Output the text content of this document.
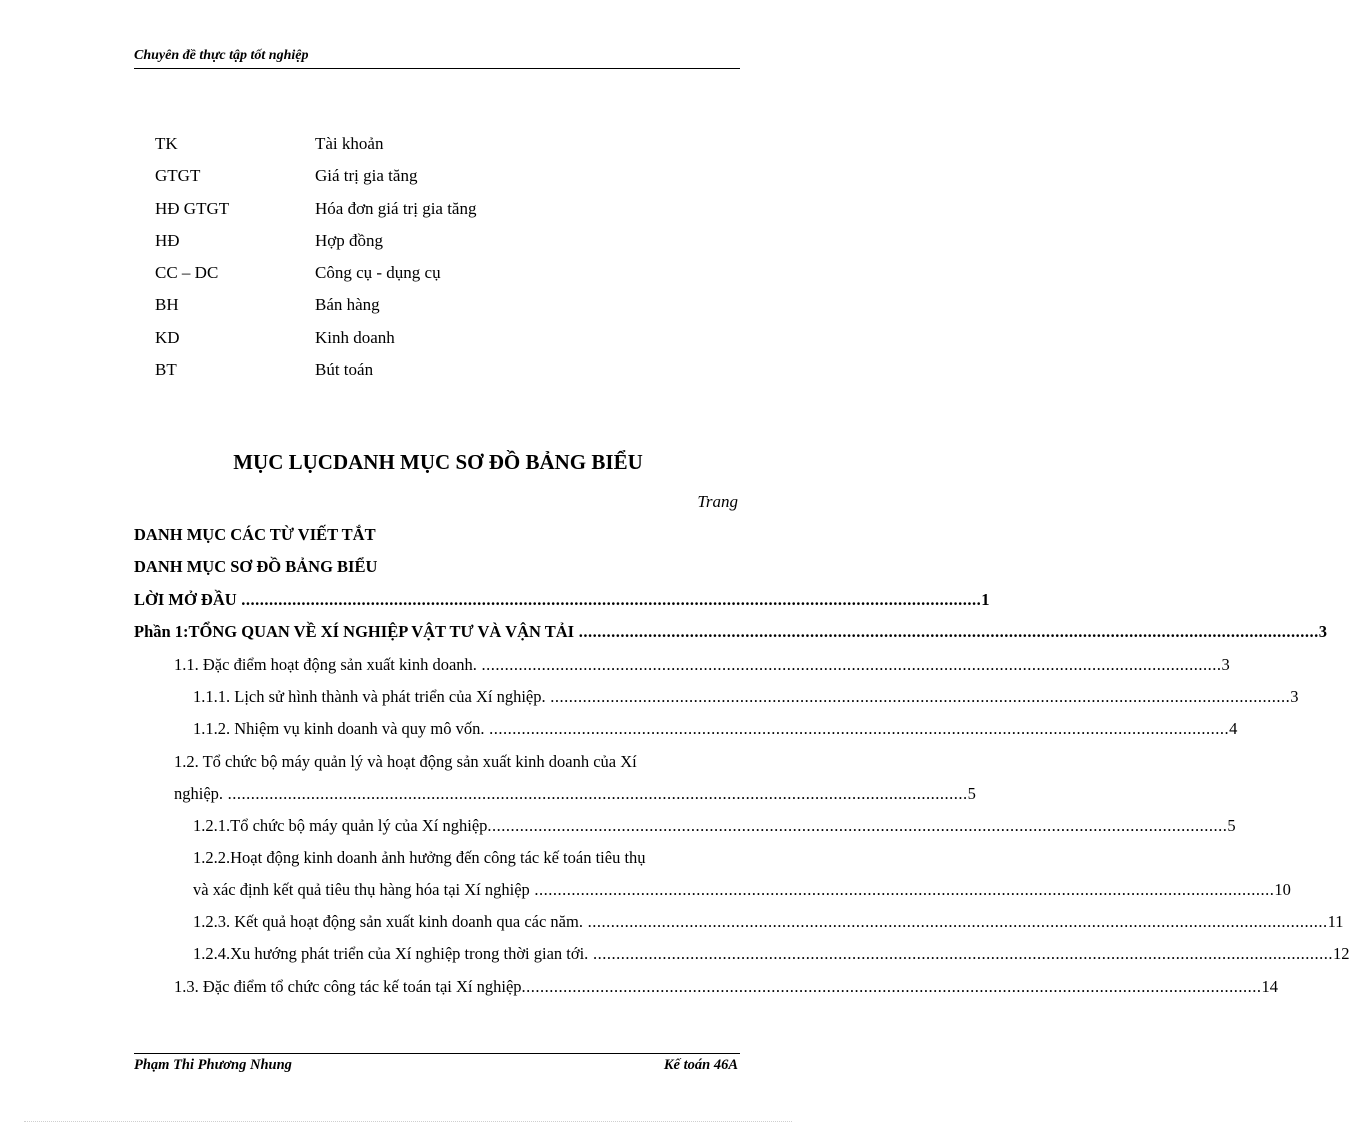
Chuyên đề thực tập tốt nghiệp
TK	Tài khoản
GTGT	Giá trị gia tăng
HĐ GTGT	Hóa đơn giá trị gia tăng
HĐ	Hợp đồng
CC – DC	Công cụ - dụng cụ
BH	Bán hàng
KD	Kinh doanh
BT	Bút toán
MỤC LỤCDANH MỤC SƠ ĐỒ BẢNG BIỂU
Trang
DANH MỤC CÁC TỪ VIẾT TẮT
DANH MỤC SƠ ĐỒ BẢNG BIỂU
LỜI MỞ ĐẦU ................................................................................................................................................................ 1
Phần 1:TỔNG QUAN VỀ XÍ NGHIỆP VẬT TƯ VÀ VẬN TẢI ................................................................................................................................................................ 3
1.1. Đặc điểm hoạt động sản xuất kinh doanh. ................................................................................................................................................................ 3
1.1.1. Lịch sử hình thành và phát triển của Xí nghiệp. ................................................................................................................................................................ 3
1.1.2. Nhiệm vụ kinh doanh và quy mô vốn. ................................................................................................................................................................ 4
1.2. Tổ chức bộ máy quản lý và hoạt động sản xuất kinh doanh của Xí
nghiệp. ................................................................................................................................................................ 5
1.2.1.Tổ chức bộ máy quản lý của Xí nghiệp ................................................................................................................................................................ 5
1.2.2.Hoạt động kinh doanh ảnh hưởng đến công tác kế toán tiêu thụ
và xác định kết quả tiêu thụ hàng hóa tại Xí nghiệp ................................................................................................................................................................ 10
1.2.3. Kết quả hoạt động sản xuất kinh doanh qua các năm. ................................................................................................................................................................ 11
1.2.4.Xu hướng phát triển của Xí nghiệp trong thời gian tới. ................................................................................................................................................................ 12
1.3. Đặc điểm tổ chức công tác kế toán tại Xí nghiệp ................................................................................................................................................................ 14
Phạm Thi Phương Nhung	Kế toán 46A
